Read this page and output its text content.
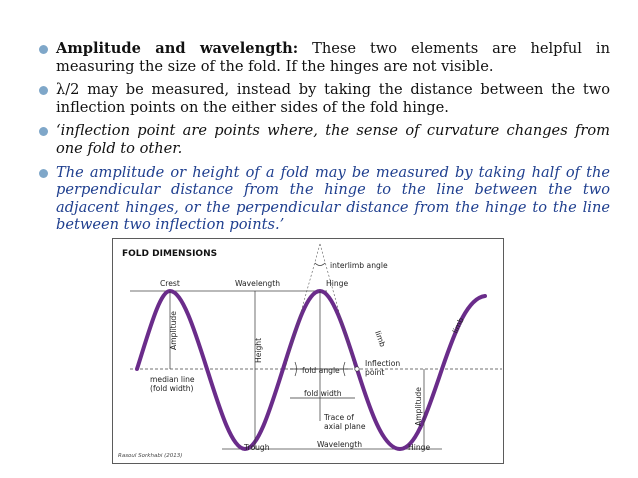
Amplitude and wavelength: These two elements are helpful in measuring the size of the fold. If the hinges are not visible.
λ/2 may be measured, instead by taking the distance between the two inflection points on the either sides of the fold hinge.
‘inflection point are points where, the sense of curvature changes from one fold to other.
The amplitude or height of a fold may be measured by taking half of the perpendicular distance from the hinge to the line between the two adjacent hinges, or the perpendicular distance from the hinge to the line between two inflection points.’
FOLD DIMENSIONS
Amplitude
Height
Crest	Wavelength	Hinge
interlimb angle
Trace of
axial plane
limb
limb
fold angle
fold width
Inflection
point
median line
(fold width)	Amplitude
Trough	Wavelength	Hinge
Rasoul Sorkhabi (2013)
